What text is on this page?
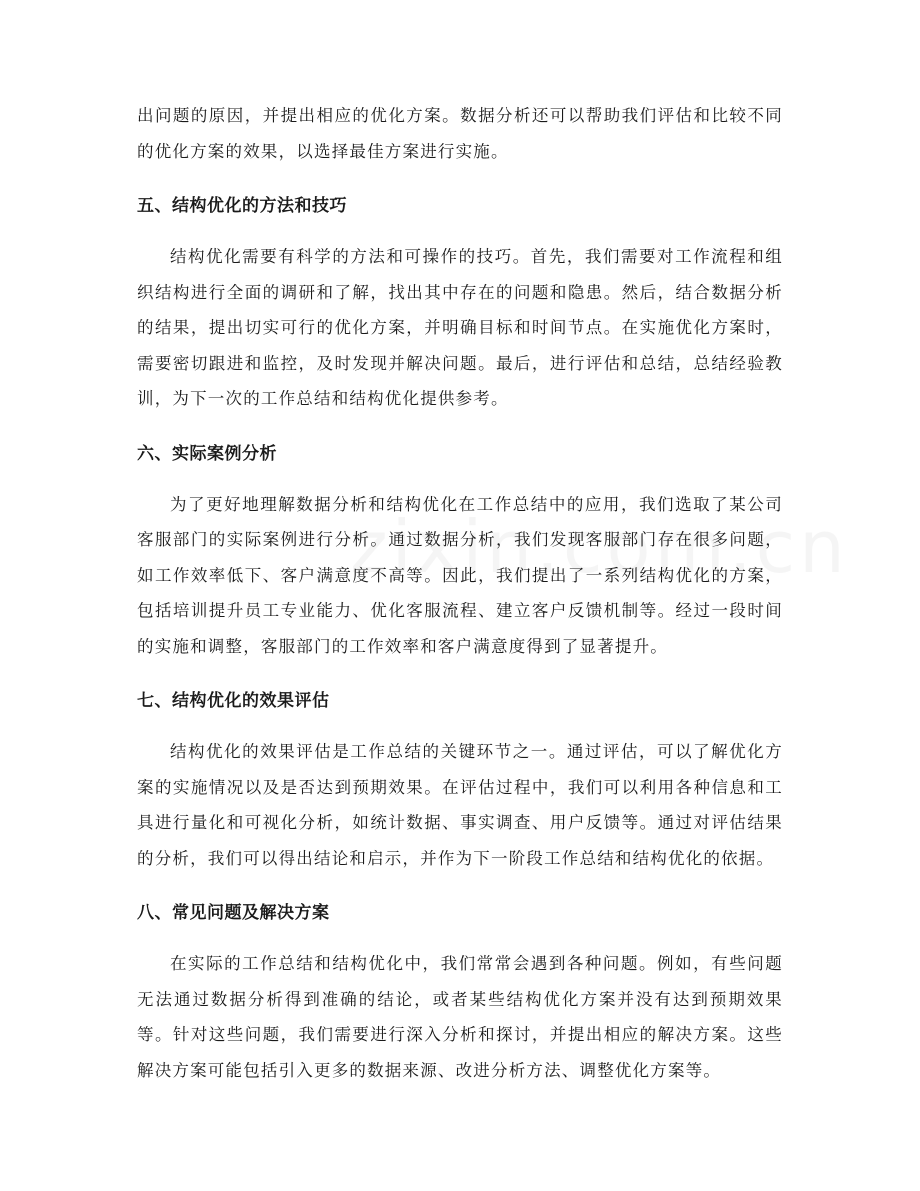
出问题的原因，并提出相应的优化方案。数据分析还可以帮助我们评估和比较不同的优化方案的效果，以选择最佳方案进行实施。

五、结构优化的方法和技巧

结构优化需要有科学的方法和可操作的技巧。首先，我们需要对工作流程和组织结构进行全面的调研和了解，找出其中存在的问题和隐患。然后，结合数据分析的结果，提出切实可行的优化方案，并明确目标和时间节点。在实施优化方案时，需要密切跟进和监控，及时发现并解决问题。最后，进行评估和总结，总结经验教训，为下一次的工作总结和结构优化提供参考。

六、实际案例分析

为了更好地理解数据分析和结构优化在工作总结中的应用，我们选取了某公司客服部门的实际案例进行分析。通过数据分析，我们发现客服部门存在很多问题，如工作效率低下、客户满意度不高等。因此，我们提出了一系列结构优化的方案，包括培训提升员工专业能力、优化客服流程、建立客户反馈机制等。经过一段时间的实施和调整，客服部门的工作效率和客户满意度得到了显著提升。

七、结构优化的效果评估

结构优化的效果评估是工作总结的关键环节之一。通过评估，可以了解优化方案的实施情况以及是否达到预期效果。在评估过程中，我们可以利用各种信息和工具进行量化和可视化分析，如统计数据、事实调查、用户反馈等。通过对评估结果的分析，我们可以得出结论和启示，并作为下一阶段工作总结和结构优化的依据。

八、常见问题及解决方案

在实际的工作总结和结构优化中，我们常常会遇到各种问题。例如，有些问题无法通过数据分析得到准确的结论，或者某些结构优化方案并没有达到预期效果等。针对这些问题，我们需要进行深入分析和探讨，并提出相应的解决方案。这些解决方案可能包括引入更多的数据来源、改进分析方法、调整优化方案等。
